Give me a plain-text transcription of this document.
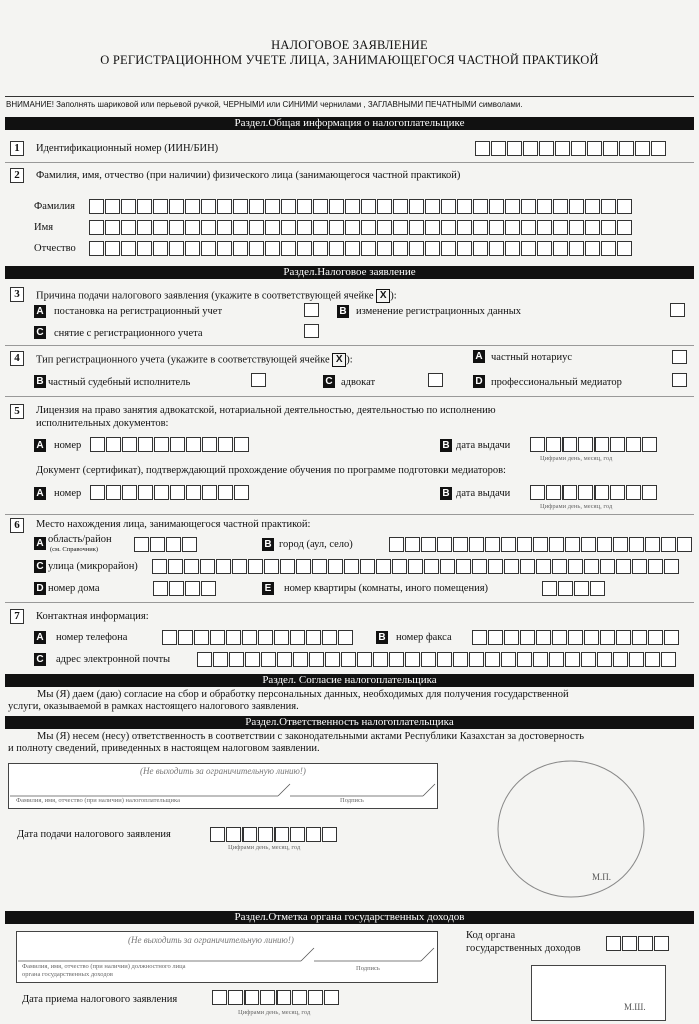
НАЛОГОВОЕ ЗАЯВЛЕНИЕ
О РЕГИСТРАЦИОННОМ УЧЕТЕ ЛИЦА, ЗАНИМАЮЩЕГОСЯ ЧАСТНОЙ ПРАКТИКОЙ
ВНИМАНИЕ! Заполнять шариковой или перьевой ручкой, ЧЕРНЫМИ или СИНИМИ чернилами , ЗАГЛАВНЫМИ ПЕЧАТНЫМИ символами.
Раздел.Общая информация о налогоплательщике
1	Идентификационный номер (ИИН/БИН)
2	Фамилия, имя, отчество (при наличии) физического лица (занимающегося частной практикой)
Фамилия
Имя
Отчество
Раздел.Налоговое заявление
3	Причина подачи налогового заявления (укажите в соответствующей ячейке X ):
A постановка на регистрационный учет	B изменение регистрационных данных
C снятие с регистрационного учета
4	Тип регистрационного учета (укажите в соответствующей ячейке X ):	A частный нотариус
B частный судебный исполнитель	C адвокат	D профессиональный медиатор
5	Лицензия на право занятия адвокатской, нотариальной деятельностью, деятельностью по исполнению
исполнительных документов:
A номер	B дата выдачи
Цифрами день, месяц, год
Документ (сертификат), подтверждающий прохождение обучения по программе подготовки медиаторов:
A номер	B дата выдачи
Цифрами день, месяц, год
6	Место нахождения лица, занимающегося частной практикой:
A область/район
(см. Справочник)	B город (аул, село)
C улица (микрорайон)
D номер дома	E номер квартиры (комнаты, иного помещения)
7	Контактная информация:
A номер телефона	B номер факса
C адрес электронной почты
Раздел. Согласие налогоплательщика
Мы (Я) даем (даю) согласие на сбор и обработку персональных данных, необходимых для получения государственной
услуги, оказываемой в рамках настоящего налогового заявления.
Раздел.Ответственность налогоплательщика
Мы (Я) несем (несу) ответственность в соответствии с законодательными актами Республики Казахстан за достоверность
и полноту сведений, приведенных в настоящем налоговом заявлении.
(Не выходить за ограничительную линию!)
Фамилия, имя, отчество (при наличии) налогоплательщика	Подпись
М.П.
Дата подачи налогового заявления
Цифрами день, месяц, год
Раздел.Отметка органа государственных доходов
(Не выходить за ограничительную линию!)
Фамилия, имя, отчество (при наличии) должностного лица
органа государственных доходов
Подпись
Код органа
государственных доходов
М.Ш.
Дата приема налогового заявления
Цифрами день, месяц, год
